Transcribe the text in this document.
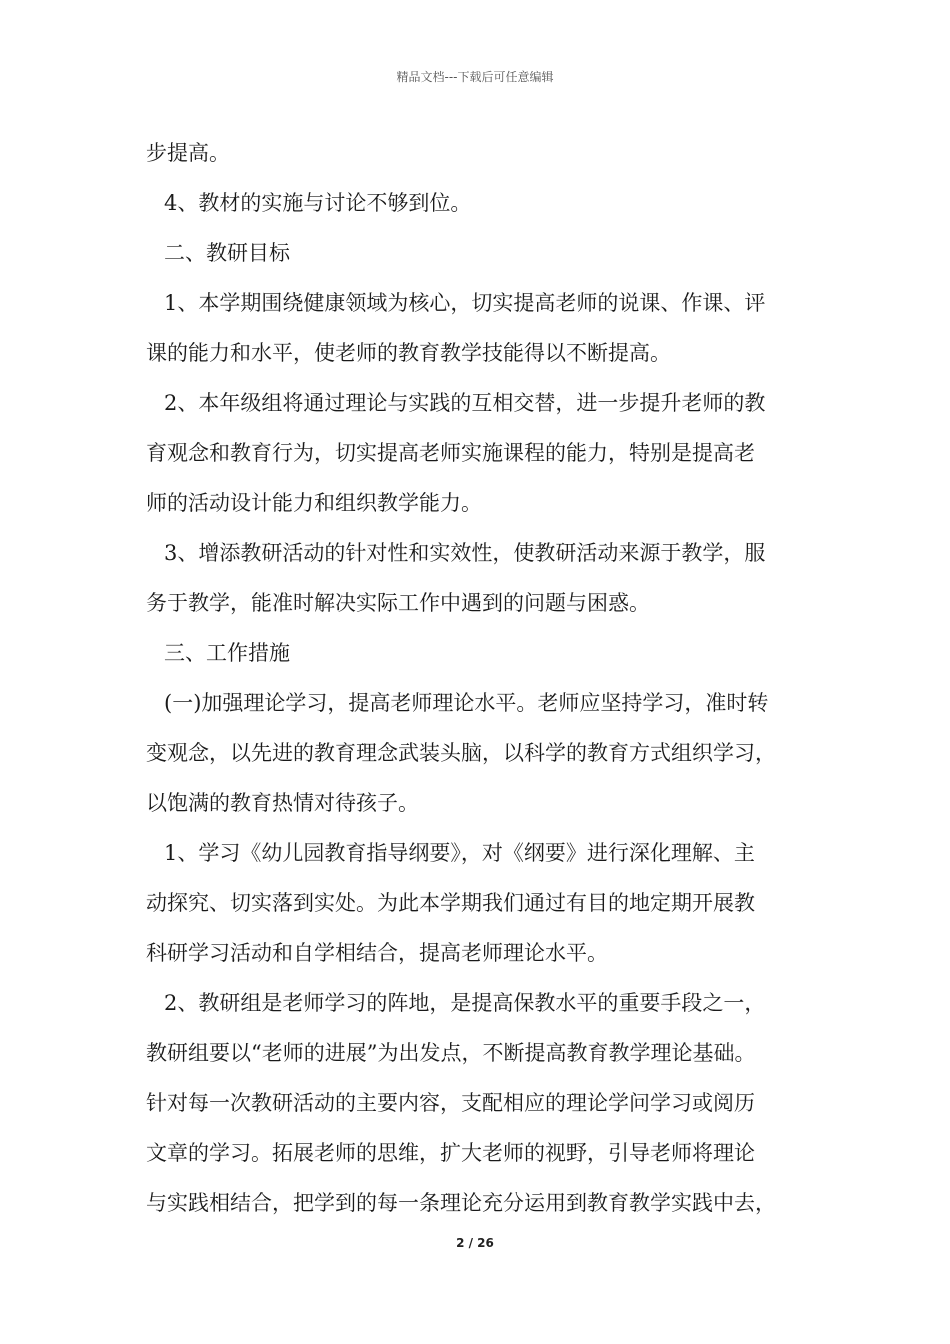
精品文档---下载后可任意编辑
步提高。
4、教材的实施与讨论不够到位。
二、教研目标
1、本学期围绕健康领域为核心，切实提高老师的说课、作课、评
课的能力和水平，使老师的教育教学技能得以不断提高。
2、本年级组将通过理论与实践的互相交替，进一步提升老师的教
育观念和教育行为，切实提高老师实施课程的能力，特别是提高老
师的活动设计能力和组织教学能力。
3、增添教研活动的针对性和实效性，使教研活动来源于教学，服
务于教学，能准时解决实际工作中遇到的问题与困惑。
三、工作措施
(一)加强理论学习，提高老师理论水平。老师应坚持学习，准时转
变观念，以先进的教育理念武装头脑，以科学的教育方式组织学习，
以饱满的教育热情对待孩子。
1、学习《幼儿园教育指导纲要》，对《纲要》进行深化理解、主
动探究、切实落到实处。为此本学期我们通过有目的地定期开展教
科研学习活动和自学相结合，提高老师理论水平。
2、教研组是老师学习的阵地，是提高保教水平的重要手段之一，
教研组要以“老师的进展”为出发点，不断提高教育教学理论基础。
针对每一次教研活动的主要内容，支配相应的理论学问学习或阅历
文章的学习。拓展老师的思维，扩大老师的视野，引导老师将理论
与实践相结合，把学到的每一条理论充分运用到教育教学实践中去，
2 / 26
